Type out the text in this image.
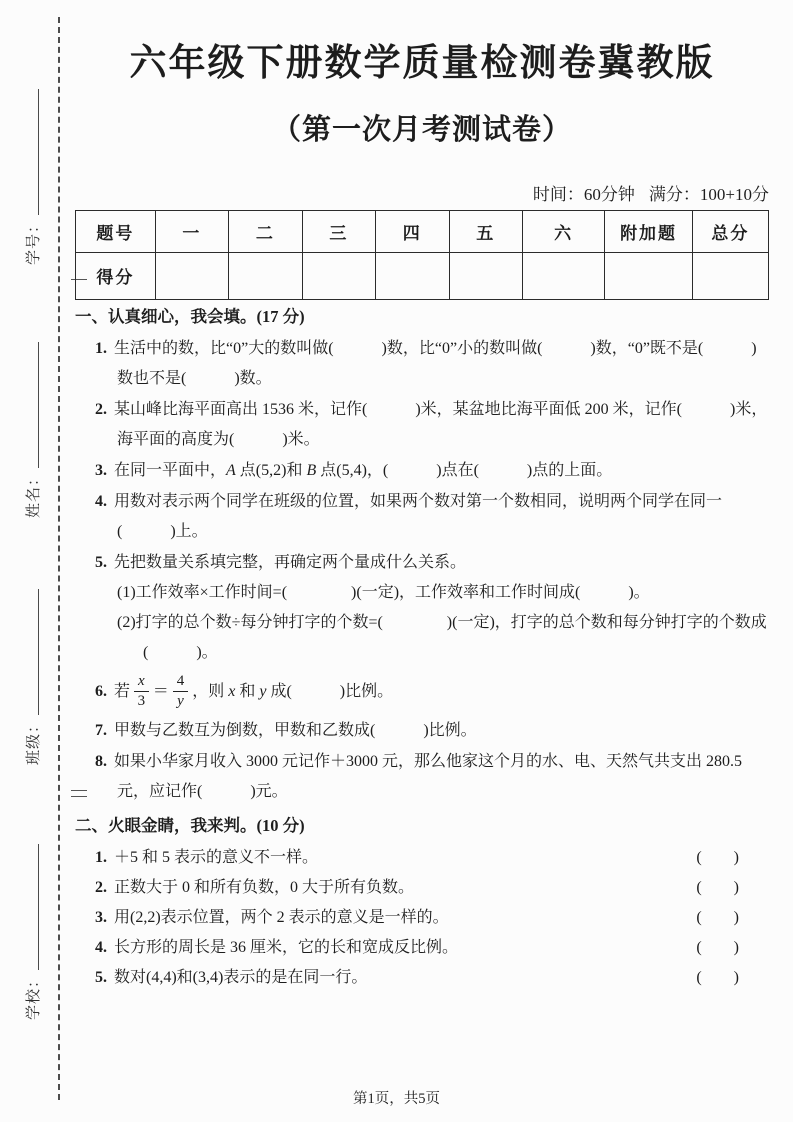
学号：
姓名：
班级：
学校：
六年级下册数学质量检测卷冀教版
（第一次月考测试卷）
时间：60分钟 满分：100+10分
题号	一	二	三	四	五	六	附加题	总分
得分								
一、认真细心，我会填。(17 分)
1. 生活中的数，比“0”大的数叫做(　　　)数，比“0”小的数叫做(　　　)数，“0”既不是(　　　)数也不是(　　　)数。
2. 某山峰比海平面高出 1536 米，记作(　　　)米，某盆地比海平面低 200 米，记作(　　　)米，海平面的高度为(　　　)米。
3. 在同一平面中，A 点(5,2)和 B 点(5,4)，(　　　)点在(　　　)点的上面。
4. 用数对表示两个同学在班级的位置，如果两个数对第一个数相同，说明两个同学在同一(　　　)上。
5. 先把数量关系填完整，再确定两个量成什么关系。
(1)工作效率×工作时间=(　　　　)(一定)，工作效率和工作时间成(　　　)。
(2)打字的总个数÷每分钟打字的个数=(　　　　)(一定)，打字的总个数和每分钟打字的个数成(　　　)。
6. 若 $\frac{x}{3} = \frac{4}{y}$ ，则 x 和 y 成(　　　)比例。
7. 甲数与乙数互为倒数，甲数和乙数成(　　　)比例。
8. 如果小华家月收入 3000 元记作＋3000 元，那么他家这个月的水、电、天然气共支出 280.5 元，应记作(　　　)元。
二、火眼金睛，我来判。(10 分)
1. ＋5 和 5 表示的意义不一样。	(　　)
2. 正数大于 0 和所有负数，0 大于所有负数。	(　　)
3. 用(2,2)表示位置，两个 2 表示的意义是一样的。	(　　)
4. 长方形的周长是 36 厘米，它的长和宽成反比例。	(　　)
5. 数对(4,4)和(3,4)表示的是在同一行。	(　　)
第1页，共5页
